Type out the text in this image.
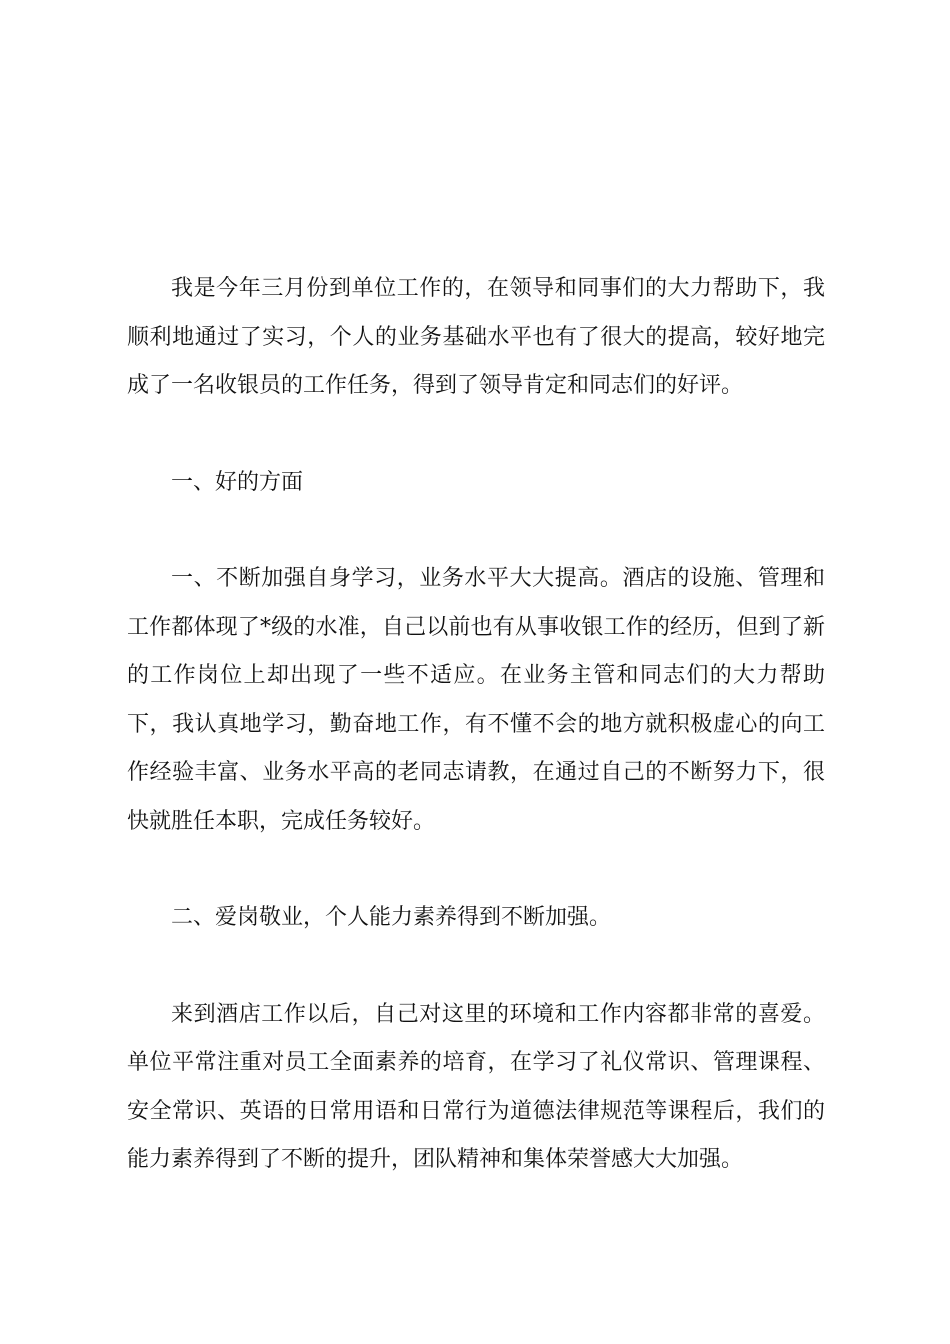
我是今年三月份到单位工作的，在领导和同事们的大力帮助下，我顺利地通过了实习，个人的业务基础水平也有了很大的提高，较好地完成了一名收银员的工作任务，得到了领导肯定和同志们的好评。

一、好的方面

一、不断加强自身学习，业务水平大大提高。酒店的设施、管理和工作都体现了*级的水准，自己以前也有从事收银工作的经历，但到了新的工作岗位上却出现了一些不适应。在业务主管和同志们的大力帮助下，我认真地学习，勤奋地工作，有不懂不会的地方就积极虚心的向工作经验丰富、业务水平高的老同志请教，在通过自己的不断努力下，很快就胜任本职，完成任务较好。

二、爱岗敬业，个人能力素养得到不断加强。

来到酒店工作以后，自己对这里的环境和工作内容都非常的喜爱。单位平常注重对员工全面素养的培育，在学习了礼仪常识、管理课程、安全常识、英语的日常用语和日常行为道德法律规范等课程后，我们的能力素养得到了不断的提升，团队精神和集体荣誉感大大加强。
